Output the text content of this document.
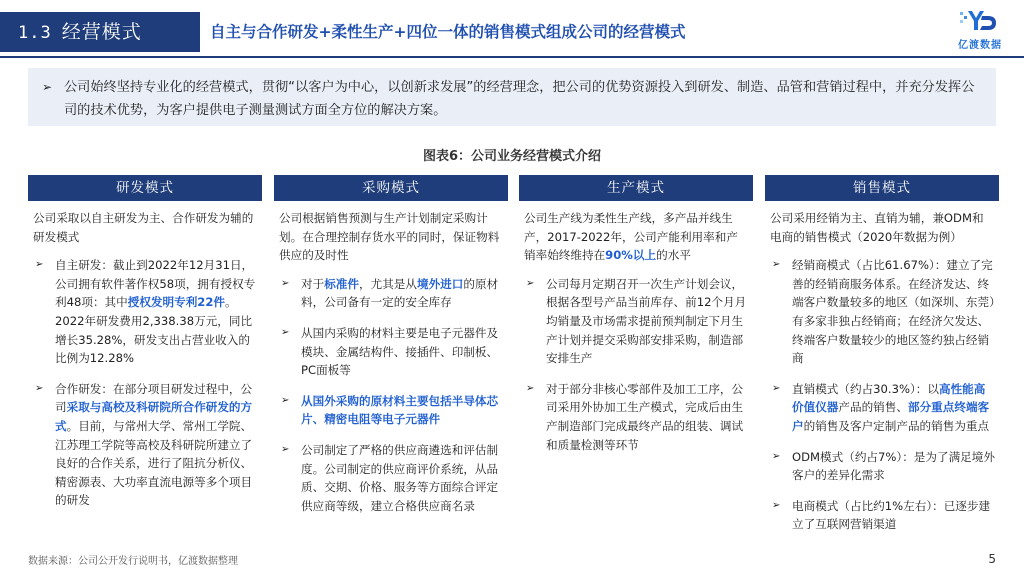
1.3 经营模式	自主与合作研发+柔性生产+四位一体的销售模式组成公司的经营模式
亿渡数据
➢ 公司始终坚持专业化的经营模式，贯彻“以客户为中心，以创新求发展”的经营理念，把公司的优势资源投入到研发、制造、品管和营销过程中，并充分发挥公司的技术优势，为客户提供电子测量测试方面全方位的解决方案。
图表6：公司业务经营模式介绍
研发模式

公司采取以自主研发为主、合作研发为辅的研发模式

➢ 自主研发：截止到2022年12月31日，公司拥有软件著作权58项，拥有授权专利48项：其中授权发明专利22件。2022年研发费用2,338.38万元，同比增长35.28%，研发支出占营业收入的比例为12.28%
➢ 合作研发：在部分项目研发过程中，公司采取与高校及科研院所合作研发的方式。目前，与常州大学、常州工学院、江苏理工学院等高校及科研院所建立了良好的合作关系，进行了阻抗分析仪、精密源表、大功率直流电源等多个项目的研发
采购模式

公司根据销售预测与生产计划制定采购计划。在合理控制存货水平的同时，保证物料供应的及时性

➢ 对于标准件，尤其是从境外进口的原材料，公司备有一定的安全库存
➢ 从国内采购的材料主要是电子元器件及模块、金属结构件、接插件、印制板、PC面板等
➢ 从国外采购的原材料主要包括半导体芯片、精密电阻等电子元器件
➢ 公司制定了严格的供应商遴选和评估制度。公司制定的供应商评价系统，从品质、交期、价格、服务等方面综合评定供应商等级，建立合格供应商名录
生产模式

公司生产线为柔性生产线，多产品并线生产，2017-2022年，公司产能利用率和产销率始终维持在90%以上的水平

➢ 公司每月定期召开一次生产计划会议，根据各型号产品当前库存、前12个月月均销量及市场需求提前预判制定下月生产计划并提交采购部安排采购，制造部安排生产
➢ 对于部分非核心零部件及加工工序，公司采用外协加工生产模式，完成后由生产制造部门完成最终产品的组装、调试和质量检测等环节
销售模式

公司采用经销为主、直销为辅，兼ODM和电商的销售模式（2020年数据为例）

➢ 经销商模式（占比61.67%）：建立了完善的经销商服务体系。在经济发达、终端客户数量较多的地区（如深圳、东莞）有多家非独占经销商；在经济欠发达、终端客户数量较少的地区签约独占经销商
➢ 直销模式（约占30.3%）：以高性能高价值仪器产品的销售、部分重点终端客户的销售及客户定制产品的销售为重点
➢ ODM模式（约占7%）：是为了满足境外客户的差异化需求
➢ 电商模式（占比约1%左右）：已逐步建立了互联网营销渠道
数据来源：公司公开发行说明书，亿渡数据整理	5
